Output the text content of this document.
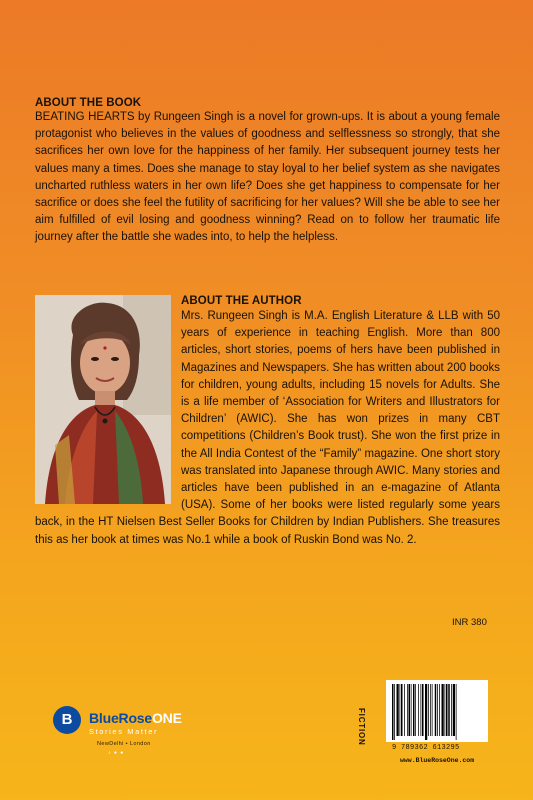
ABOUT THE BOOK

BEATING HEARTS by Rungeen Singh is a novel for grown-ups. It is about a young female protagonist who believes in the values of goodness and selflessness so strongly, that she sacrifices her own love for the happiness of her family. Her subsequent journey tests her values many a times. Does she manage to stay loyal to her belief system as she navigates uncharted ruthless waters in her own life? Does she get happiness to compensate for her sacrifice or does she feel the futility of sacrificing for her values? Will she be able to see her aim fulfilled of evil losing and goodness winning? Read on to follow her traumatic life journey after the battle she wades into, to help the helpless.

ABOUT THE AUTHOR

Mrs. Rungeen Singh is M.A. English Literature & LLB with 50 years of experience in teaching English. More than 800 articles, short stories, poems of hers have been published in Magazines and Newspapers. She has written about 200 books for children, young adults, including 15 novels for Adults. She is a life member of ‘Association for Writers and Illustrators for Children’ (AWIC). She has won prizes in many CBT competitions (Children’s Book trust). She won the first prize in the All India Contest of the “Family” magazine. One short story was translated into Japanese through AWIC. Many stories and articles have been published in an e-magazine of Atlanta (USA). Some of her books were listed regularly some years back, in the HT Nielsen Best Seller Books for Children by Indian Publishers. She treasures this as her book at times was No.1 while a book of Ruskin Bond was No. 2.

INR 380
FICTION
9 789362 613295
www.BlueRoseOne.com
B	BlueRoseONE
Stories Matter
NewDelhi • London
♪ ● ●
